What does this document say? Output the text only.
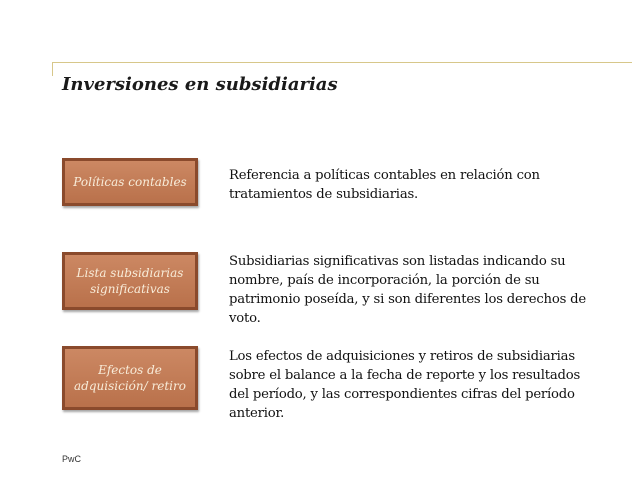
Inversiones en subsidiarias
Políticas contables	Referencia a políticas contables en relación con tratamientos de subsidiarias.
Lista subsidiarias significativas
Subsidiarias significativas son listadas indicando su nombre, país de incorporación, la porción de su patrimonio poseída, y si son diferentes los derechos de voto.
Efectos de adquisición/ retiro
Los efectos de adquisiciones y retiros de subsidiarias sobre el balance a la fecha de reporte y los resultados del período, y las correspondientes cifras del período anterior.
PwC
